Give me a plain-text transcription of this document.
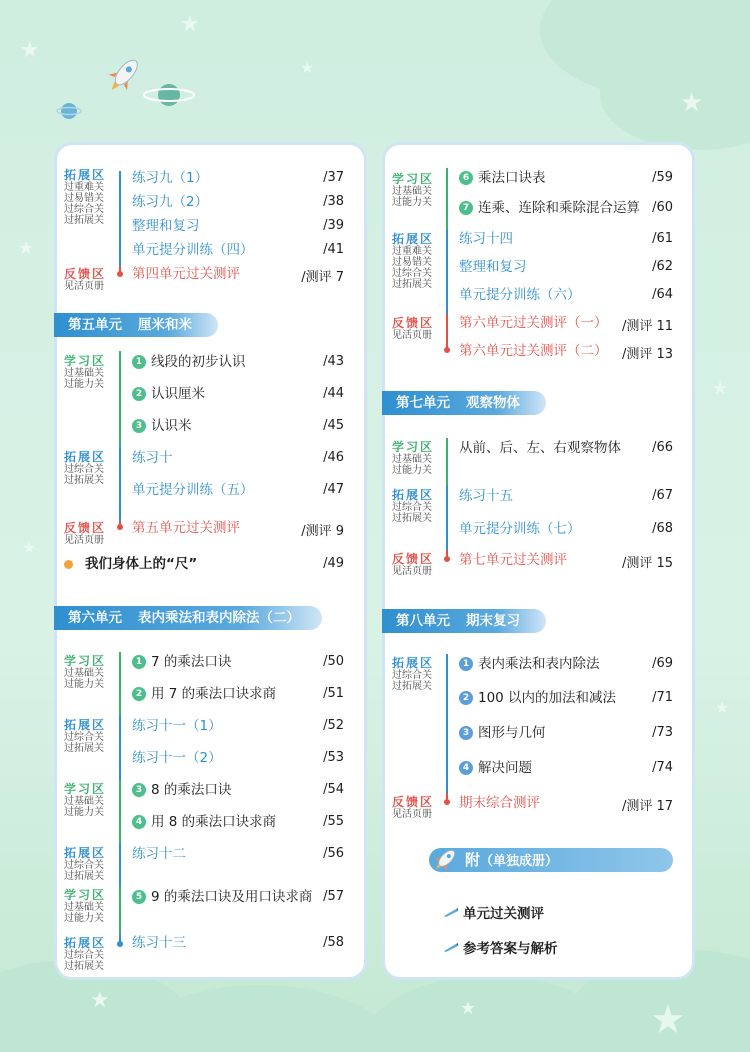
★
★
★
★
★
★
★
★
★	★	★
拓展区
过重难关
过易错关
过综合关
过拓展关
反馈区
见活页册
练习九（1）	/37
练习九（2）	/38
整理和复习	/39
单元提分训练（四）	/41
第四单元过关测评	/测评 7
第五单元 厘米和米
学习区
过基础关
过能力关
拓展区
过综合关
过拓展关
反馈区
见活页册
1 线段的初步认识	/43
2 认识厘米	/44
3 认识米	/45
练习十	/46
单元提分训练（五）	/47
第五单元过关测评	/测评 9
我们身体上的“尺”	/49
第六单元 表内乘法和表内除法（二）
学习区
过基础关
过能力关
拓展区
过综合关
过拓展关
学习区
过基础关
过能力关
拓展区
过综合关
过拓展关
学习区
过基础关
过能力关
拓展区
过综合关
过拓展关
1 7 的乘法口诀	/50
2 用 7 的乘法口诀求商	/51
练习十一（1）	/52
练习十一（2）	/53
3 8 的乘法口诀	/54
4 用 8 的乘法口诀求商	/55
练习十二	/56
5 9 的乘法口诀及用口诀求商 /57
练习十三	/58
学习区
过基础关
过能力关
拓展区
过重难关
过易错关
过综合关
过拓展关
反馈区
见活页册
6 乘法口诀表	/59
7 连乘、连除和乘除混合运算 /60
练习十四	/61
整理和复习	/62
单元提分训练（六）	/64
第六单元过关测评（一） /测评 11
第六单元过关测评（二） /测评 13
第七单元 观察物体
学习区
过基础关
过能力关
拓展区
过综合关
过拓展关
反馈区
见活页册
从前、后、左、右观察物体 /66
练习十五	/67
单元提分训练（七）	/68
第七单元过关测评	/测评 15
第八单元 期末复习
拓展区
过综合关
过拓展关
反馈区
见活页册
1 表内乘法和表内除法	/69
2 100 以内的加法和减法	/71
3 图形与几何	/73
4 解决问题	/74
期末综合测评	/测评 17
附（单独成册）
单元过关测评
参考答案与解析
